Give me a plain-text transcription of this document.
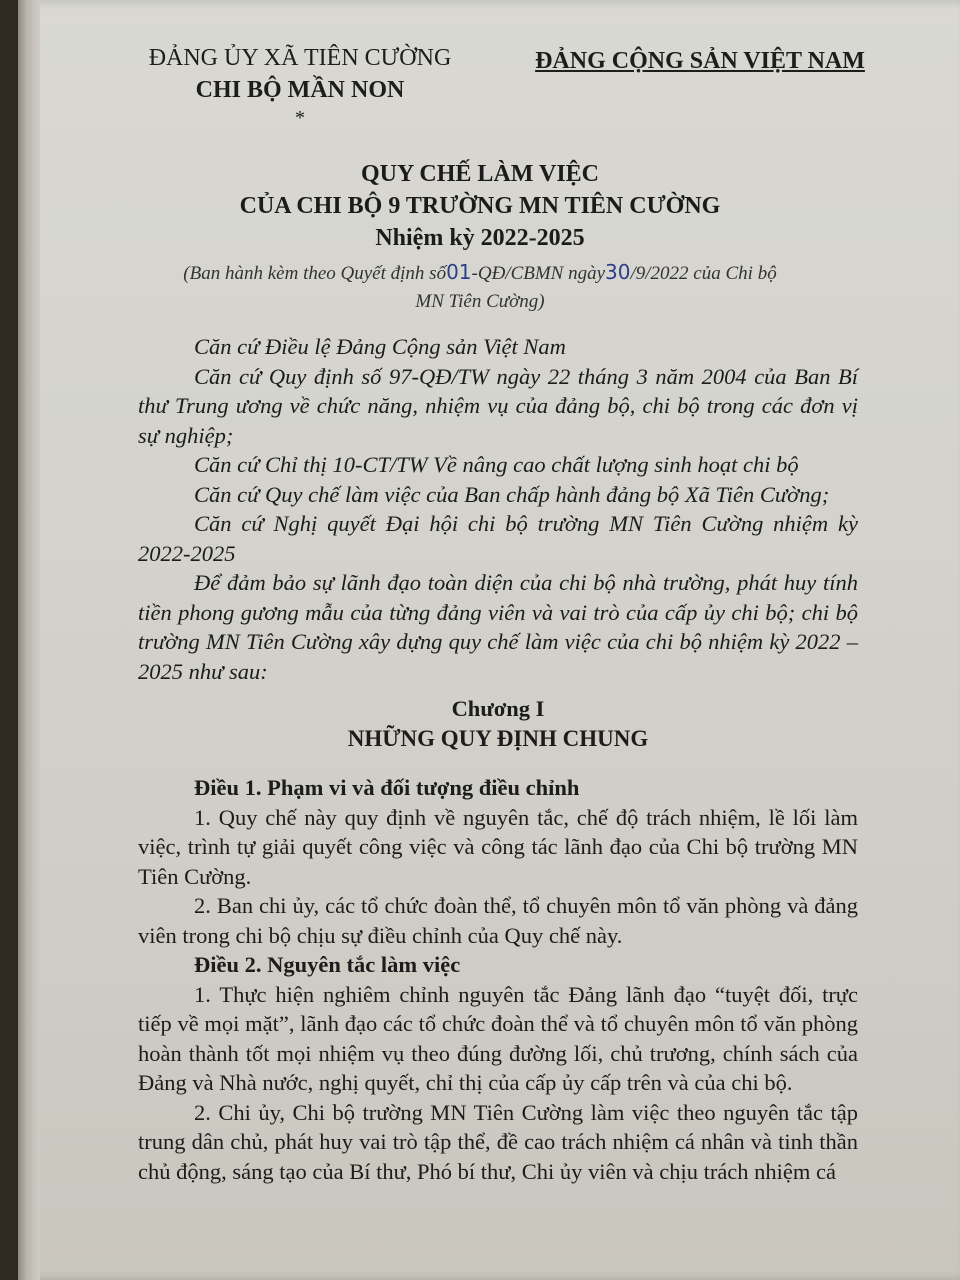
ĐẢNG ỦY XÃ TIÊN CƯỜNG
CHI BỘ MẦN NON
*
ĐẢNG CỘNG SẢN VIỆT NAM
QUY CHẾ LÀM VIỆC
CỦA CHI BỘ 9 TRƯỜNG MN TIÊN CƯỜNG
Nhiệm kỳ 2022-2025
(Ban hành kèm theo Quyết định số01-QĐ/CBMN ngày30/9/2022 của Chi bộ
MN Tiên Cường)

Căn cứ Điều lệ Đảng Cộng sản Việt Nam

Căn cứ Quy định số 97-QĐ/TW ngày 22 tháng 3 năm 2004 của Ban Bí thư Trung ương về chức năng, nhiệm vụ của đảng bộ, chi bộ trong các đơn vị sự nghiệp;

Căn cứ Chỉ thị 10-CT/TW Về nâng cao chất lượng sinh hoạt chi bộ

Căn cứ Quy chế làm việc của Ban chấp hành đảng bộ Xã Tiên Cường;

Căn cứ Nghị quyết Đại hội chi bộ trường MN Tiên Cường nhiệm kỳ 2022-2025

Để đảm bảo sự lãnh đạo toàn diện của chi bộ nhà trường, phát huy tính tiền phong gương mẫu của từng đảng viên và vai trò của cấp ủy chi bộ; chi bộ trường MN Tiên Cường xây dựng quy chế làm việc của chi bộ nhiệm kỳ 2022 – 2025 như sau:

Chương I

NHỮNG QUY ĐỊNH CHUNG

Điều 1. Phạm vi và đối tượng điều chỉnh

1. Quy chế này quy định về nguyên tắc, chế độ trách nhiệm, lề lối làm việc, trình tự giải quyết công việc và công tác lãnh đạo của Chi bộ trường MN Tiên Cường.

2. Ban chi ủy, các tổ chức đoàn thể, tổ chuyên môn tổ văn phòng và đảng viên trong chi bộ chịu sự điều chỉnh của Quy chế này.

Điều 2. Nguyên tắc làm việc

1. Thực hiện nghiêm chỉnh nguyên tắc Đảng lãnh đạo “tuyệt đối, trực tiếp về mọi mặt”, lãnh đạo các tổ chức đoàn thể và tổ chuyên môn tổ văn phòng hoàn thành tốt mọi nhiệm vụ theo đúng đường lối, chủ trương, chính sách của Đảng và Nhà nước, nghị quyết, chỉ thị của cấp ủy cấp trên và của chi bộ.

2. Chi ủy, Chi bộ trường MN Tiên Cường làm việc theo nguyên tắc tập trung dân chủ, phát huy vai trò tập thể, đề cao trách nhiệm cá nhân và tinh thần chủ động, sáng tạo của Bí thư, Phó bí thư, Chi ủy viên và chịu trách nhiệm cá
